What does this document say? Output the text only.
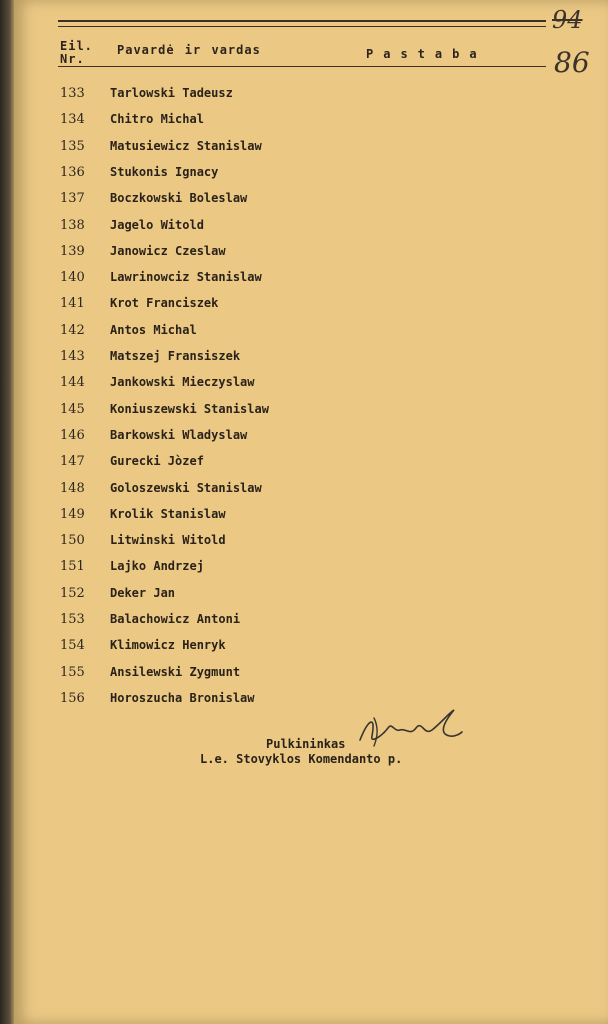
94
86
Eil.
Nr.
Pavardė ir vardas	Pastaba
133	Tarlowski Tadeusz
134	Chitro Michal
135	Matusiewicz Stanislaw
136	Stukonis Ignacy
137	Boczkowski Boleslaw
138	Jagelo Witold
139	Janowicz Czeslaw
140	Lawrinowciz Stanislaw
141	Krot Franciszek
142	Antos Michal
143	Matszej Fransiszek
144	Jankowski Mieczyslaw
145	Koniuszewski Stanislaw
146	Barkowski Wladyslaw
147	Gurecki Jòzef
148	Goloszewski Stanislaw
149	Krolik Stanislaw
150	Litwinski Witold
151	Lajko Andrzej
152	Deker Jan
153	Balachowicz Antoni
154	Klimowicz Henryk
155	Ansilewski Zygmunt
156	Horoszucha Bronislaw
Pulkininkas
L.e. Stovyklos Komendanto p.
